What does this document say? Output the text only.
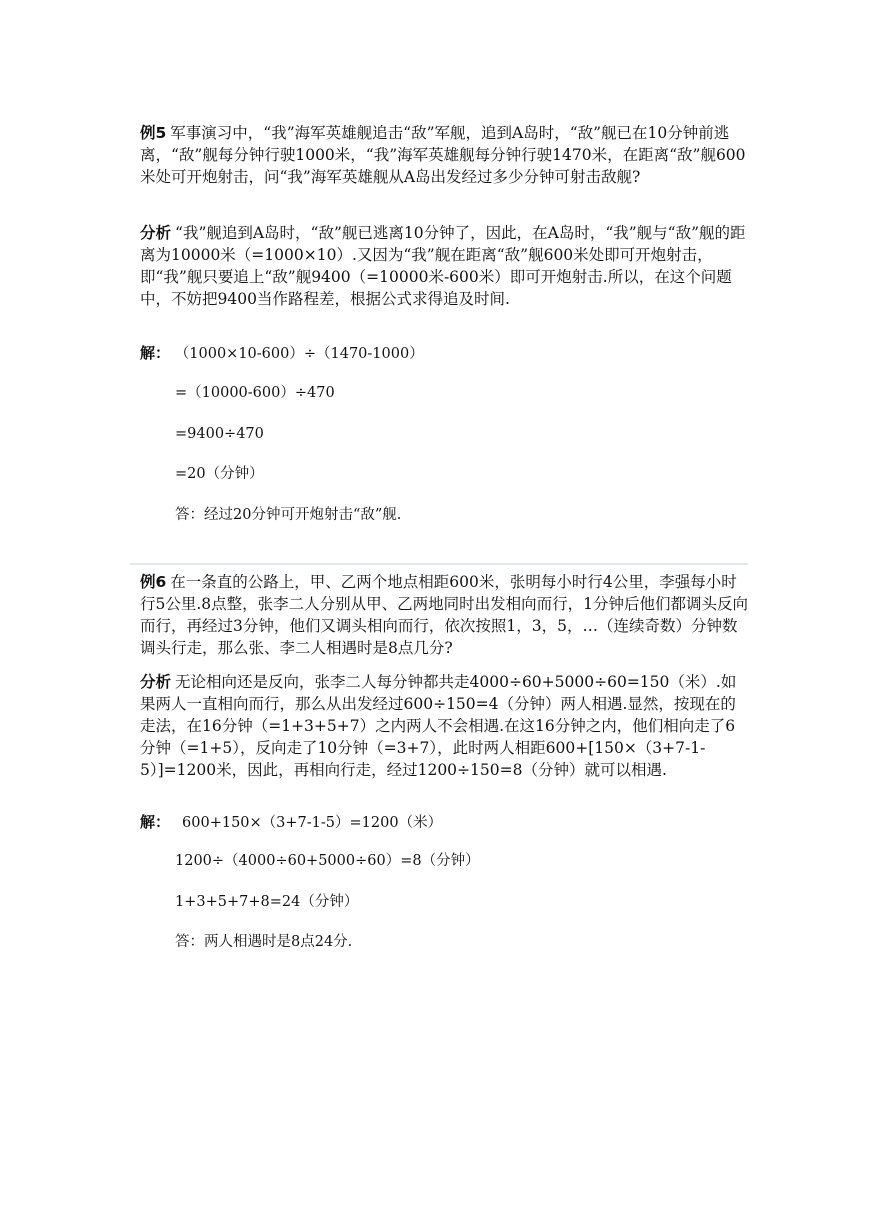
例5 军事演习中，“我”海军英雄舰追击“敌”军舰，追到A岛时，“敌”舰已在10分钟前逃离，“敌”舰每分钟行驶1000米，“我”海军英雄舰每分钟行驶1470米，在距离“敌”舰600米处可开炮射击，问“我”海军英雄舰从A岛出发经过多少分钟可射击敌舰?

分析 “我”舰追到A岛时，“敌”舰已逃离10分钟了，因此，在A岛时，“我”舰与“敌”舰的距离为10000米（=1000×10）.又因为“我”舰在距离“敌”舰600米处即可开炮射击，即“我”舰只要追上“敌”舰9400（=10000米-600米）即可开炮射击.所以，在这个问题中，不妨把9400当作路程差，根据公式求得追及时间.

解： （1000×10-600）÷（1470-1000）
=（10000-600）÷470
=9400÷470
=20（分钟）
答：经过20分钟可开炮射击“敌”舰.

例6 在一条直的公路上，甲、乙两个地点相距600米，张明每小时行4公里，李强每小时行5公里.8点整，张李二人分别从甲、乙两地同时出发相向而行，1分钟后他们都调头反向而行，再经过3分钟，他们又调头相向而行，依次按照1，3，5，…（连续奇数）分钟数调头行走，那么张、李二人相遇时是8点几分?

分析 无论相向还是反向，张李二人每分钟都共走4000÷60+5000÷60=150（米）.如果两人一直相向而行，那么从出发经过600÷150=4（分钟）两人相遇.显然，按现在的走法，在16分钟（=1+3+5+7）之内两人不会相遇.在这16分钟之内，他们相向走了6分钟（=1+5），反向走了10分钟（=3+7），此时两人相距600+[150×（3+7-1-5）]=1200米，因此，再相向行走，经过1200÷150=8（分钟）就可以相遇.

解： 600+150×（3+7-1-5）=1200（米）
1200÷（4000÷60+5000÷60）=8（分钟）
1+3+5+7+8=24（分钟）
答：两人相遇时是8点24分.
